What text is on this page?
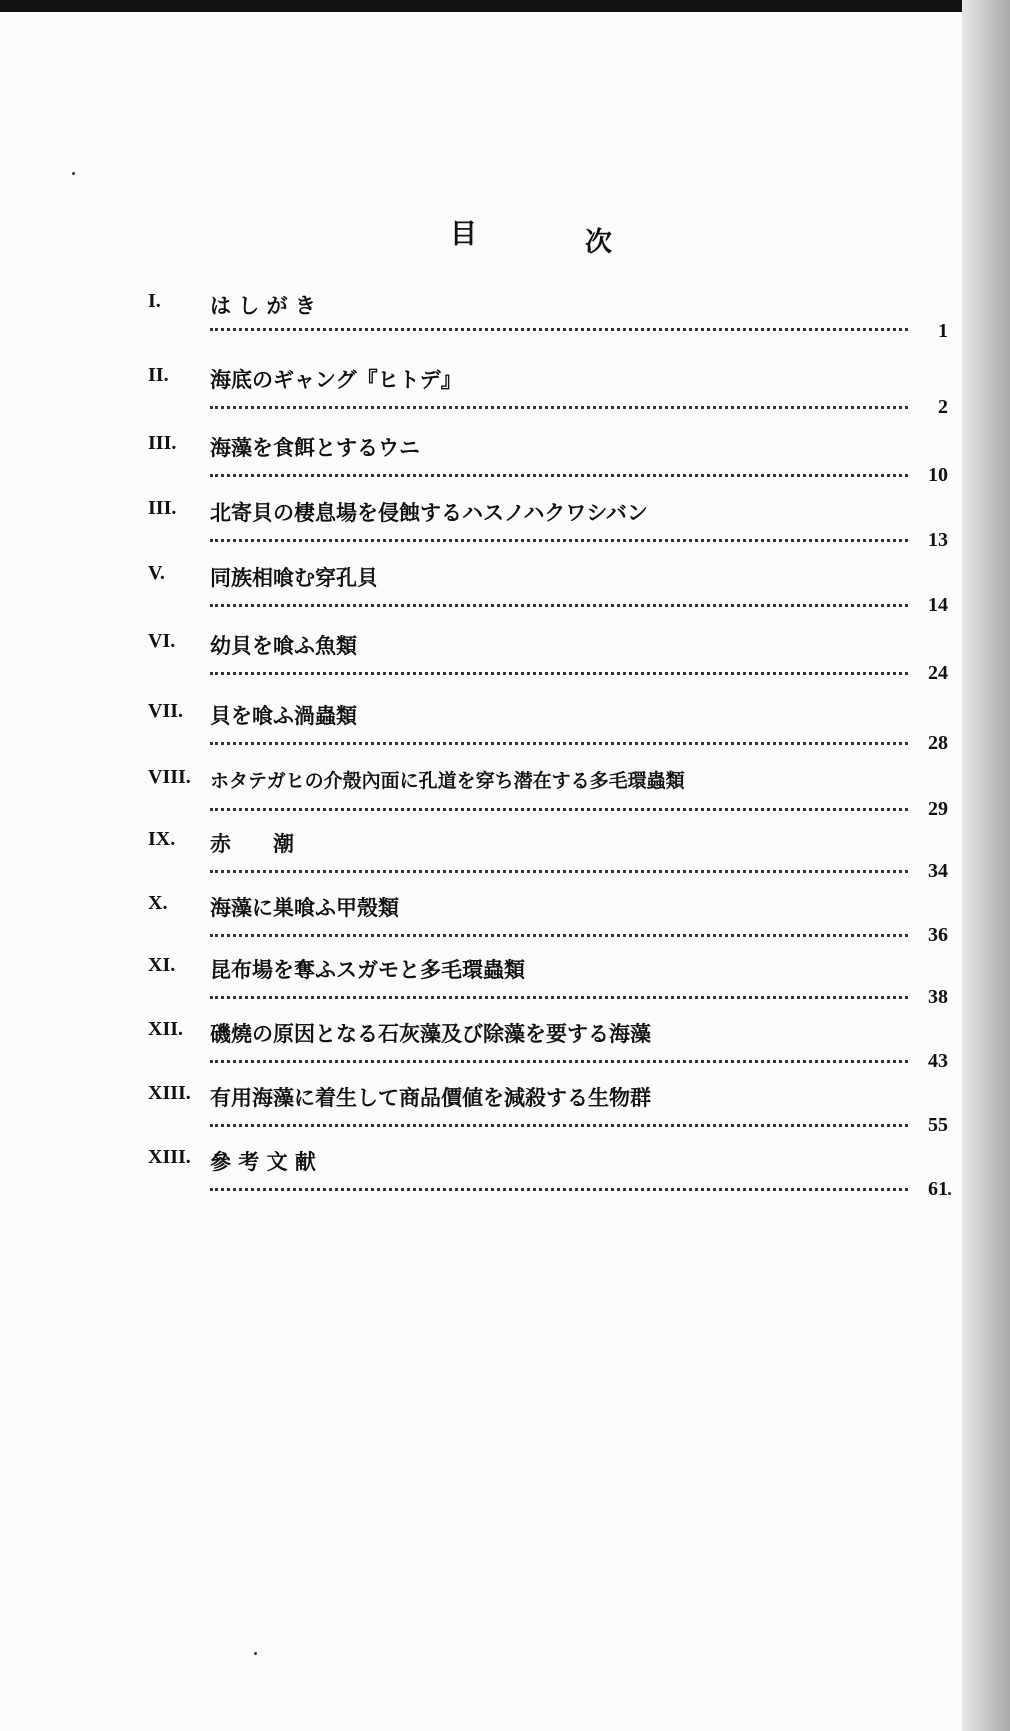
目	次
I.	は し が き
1
II.	海底のギャング『ヒトデ』
2
III.	海藻を食餌とするウニ
10
III.	北寄貝の棲息場を侵蝕するハスノハクワシバン
13
V.	同族相喰む穿孔貝
14
VI.	幼貝を喰ふ魚類
24
VII.	貝を喰ふ渦蟲類
28
VIII.	ホタテガヒの介殼內面に孔道を穿ち潜在する多毛環蟲類
29
IX.	赤　　潮
34
X.	海藻に巣喰ふ甲殼類
36
XI.	昆布場を奪ふスガモと多毛環蟲類
38
XII.	磯燒の原因となる石灰藻及び除藻を要する海藻
43
XIII. 有用海藻に着生して商品價値を減殺する生物群
55
XIII. 參 考 文 献
61
